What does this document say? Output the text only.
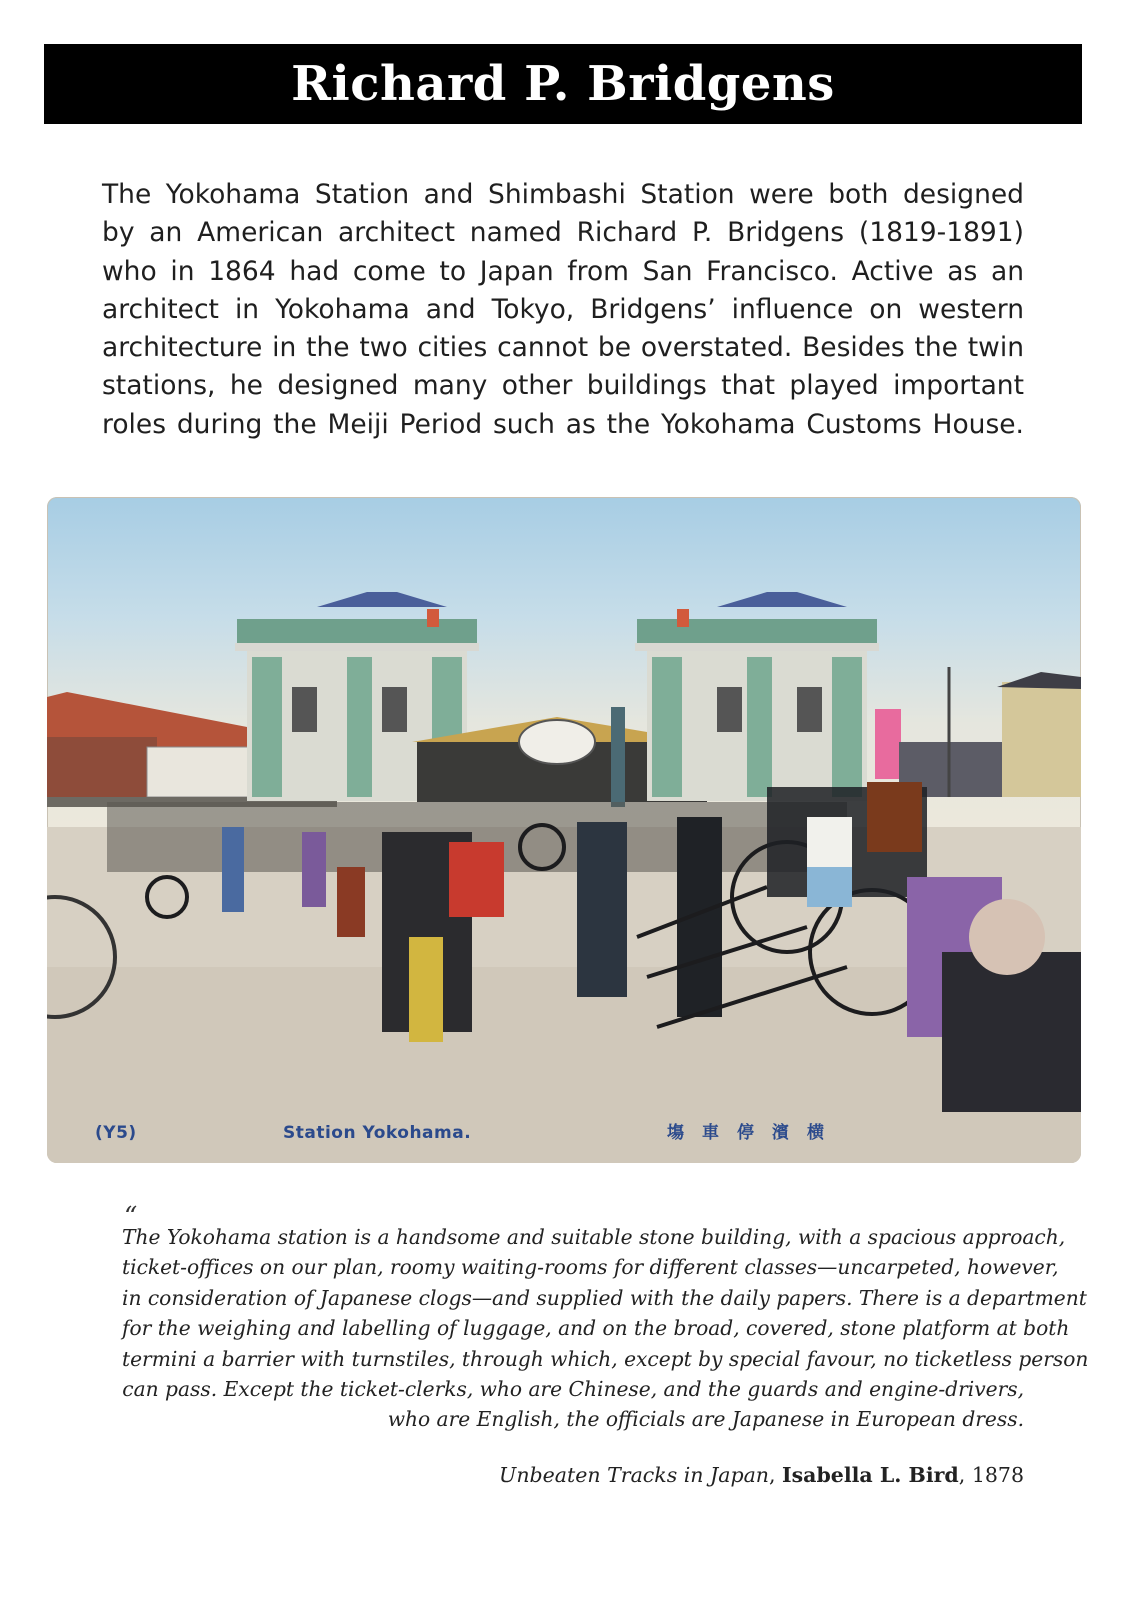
Richard P. Bridgens
The Yokohama Station and Shimbashi Station were both designed
by an American architect named Richard P. Bridgens (1819-1891)
who in 1864 had come to Japan from San Francisco. Active as an
architect in Yokohama and Tokyo, Bridgens’ influence on western
architecture in the two cities cannot be overstated. Besides the twin
stations, he designed many other buildings that played important
roles during the Meiji Period such as the Yokohama Customs House.
(Y5)	Station Yokohama.	塲車停濱横
“
The Yokohama station is a handsome and suitable stone building, with a spacious approach,
ticket-offices on our plan, roomy waiting-rooms for different classes—uncarpeted, however,
in consideration of Japanese clogs—and supplied with the daily papers. There is a department
for the weighing and labelling of luggage, and on the broad, covered, stone platform at both
termini a barrier with turnstiles, through which, except by special favour, no ticketless person
can pass. Except the ticket-clerks, who are Chinese, and the guards and engine-drivers,
who are English, the officials are Japanese in European dress.
Unbeaten Tracks in Japan, Isabella L. Bird, 1878
